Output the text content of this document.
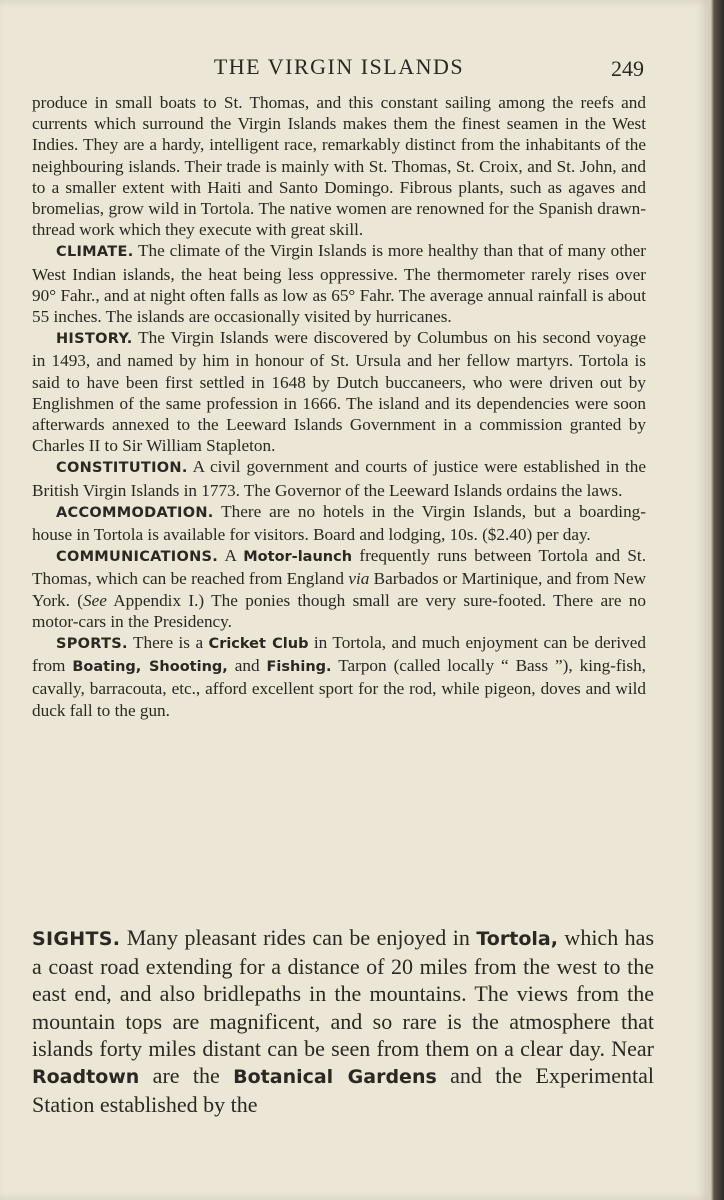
THE VIRGIN ISLANDS	249

produce in small boats to St. Thomas, and this constant sailing among the reefs and currents which surround the Virgin Islands makes them the finest seamen in the West Indies. They are a hardy, intelligent race, remarkably distinct from the inhabitants of the neighbouring islands. Their trade is mainly with St. Thomas, St. Croix, and St. John, and to a smaller extent with Haiti and Santo Domingo. Fibrous plants, such as agaves and bromelias, grow wild in Tortola. The native women are renowned for the Spanish drawn-thread work which they execute with great skill.

CLIMATE. The climate of the Virgin Islands is more healthy than that of many other West Indian islands, the heat being less oppressive. The thermometer rarely rises over 90° Fahr., and at night often falls as low as 65° Fahr. The average annual rainfall is about 55 inches. The islands are occasionally visited by hurricanes.

HISTORY. The Virgin Islands were discovered by Columbus on his second voyage in 1493, and named by him in honour of St. Ursula and her fellow martyrs. Tortola is said to have been first settled in 1648 by Dutch buccaneers, who were driven out by Englishmen of the same profession in 1666. The island and its dependencies were soon afterwards annexed to the Leeward Islands Government in a commission granted by Charles II to Sir William Stapleton.

CONSTITUTION. A civil government and courts of justice were established in the British Virgin Islands in 1773. The Governor of the Leeward Islands ordains the laws.

ACCOMMODATION. There are no hotels in the Virgin Islands, but a boarding-house in Tortola is available for visitors. Board and lodging, 10s. ($2.40) per day.

COMMUNICATIONS. A Motor-launch frequently runs between Tortola and St. Thomas, which can be reached from England via Barbados or Martinique, and from New York. (See Appendix I.) The ponies though small are very sure-footed. There are no motor-cars in the Presidency.

SPORTS. There is a Cricket Club in Tortola, and much enjoyment can be derived from Boating, Shooting, and Fishing. Tarpon (called locally “ Bass ”), king-fish, cavally, barracouta, etc., afford excellent sport for the rod, while pigeon, doves and wild duck fall to the gun.

SIGHTS. Many pleasant rides can be enjoyed in Tortola, which has a coast road extending for a distance of 20 miles from the west to the east end, and also bridlepaths in the mountains. The views from the mountain tops are magnificent, and so rare is the atmosphere that islands forty miles distant can be seen from them on a clear day. Near Roadtown are the Botanical Gardens and the Experimental Station established by the
